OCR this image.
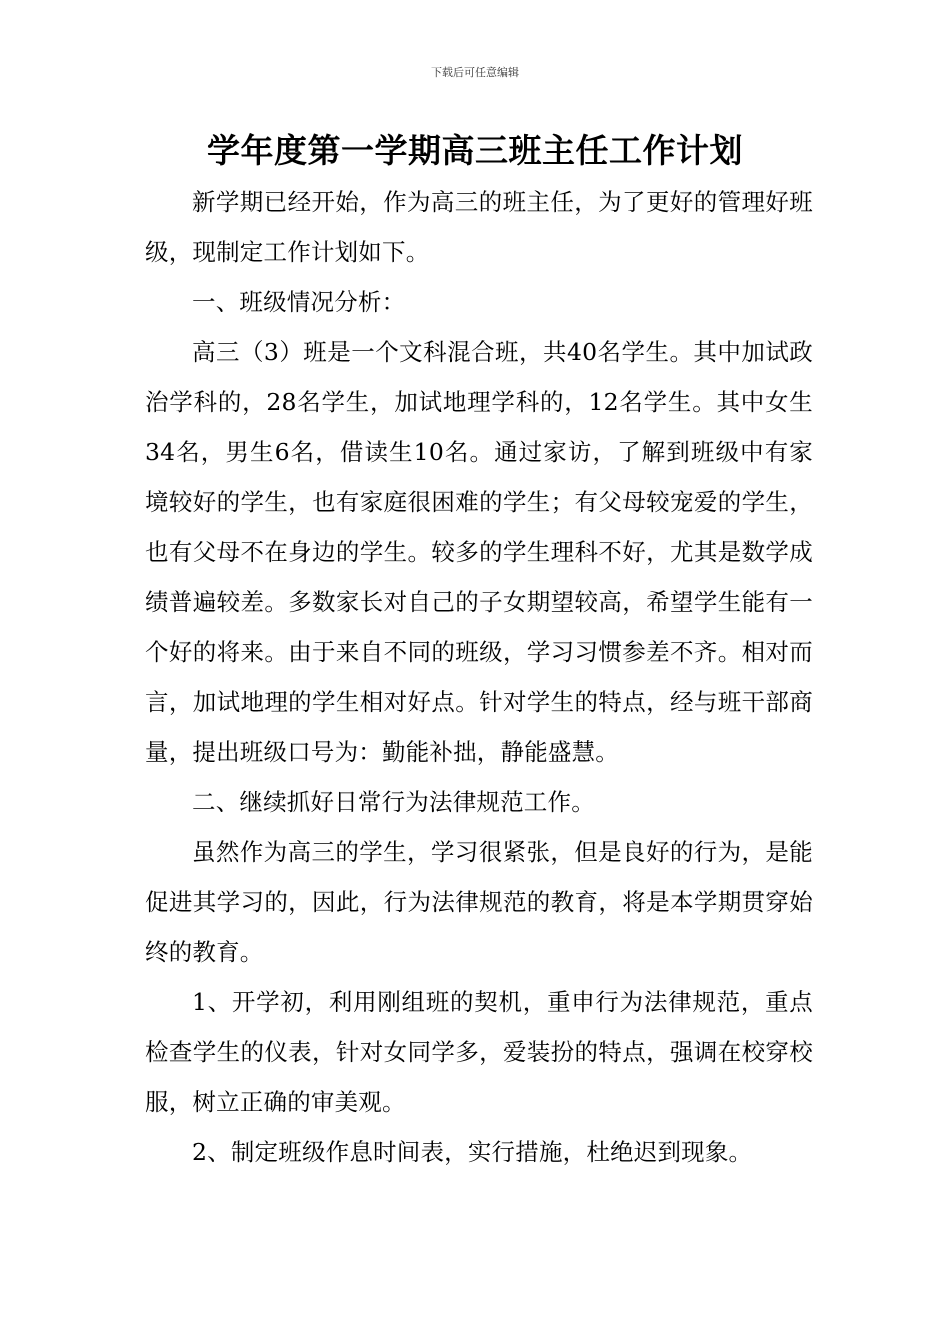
下载后可任意编辑
学年度第一学期高三班主任工作计划

新学期已经开始，作为高三的班主任，为了更好的管理好班级，现制定工作计划如下。

一、班级情况分析：

高三（3）班是一个文科混合班，共40名学生。其中加试政治学科的，28名学生，加试地理学科的，12名学生。其中女生34名，男生6名，借读生10名。通过家访，了解到班级中有家境较好的学生，也有家庭很困难的学生；有父母较宠爱的学生，也有父母不在身边的学生。较多的学生理科不好，尤其是数学成绩普遍较差。多数家长对自己的子女期望较高，希望学生能有一个好的将来。由于来自不同的班级，学习习惯参差不齐。相对而言，加试地理的学生相对好点。针对学生的特点，经与班干部商量，提出班级口号为：勤能补拙，静能盛慧。

二、继续抓好日常行为法律规范工作。

虽然作为高三的学生，学习很紧张，但是良好的行为，是能促进其学习的，因此，行为法律规范的教育，将是本学期贯穿始终的教育。

1、开学初，利用刚组班的契机，重申行为法律规范，重点检查学生的仪表，针对女同学多，爱装扮的特点，强调在校穿校服，树立正确的审美观。

2、制定班级作息时间表，实行措施，杜绝迟到现象。
